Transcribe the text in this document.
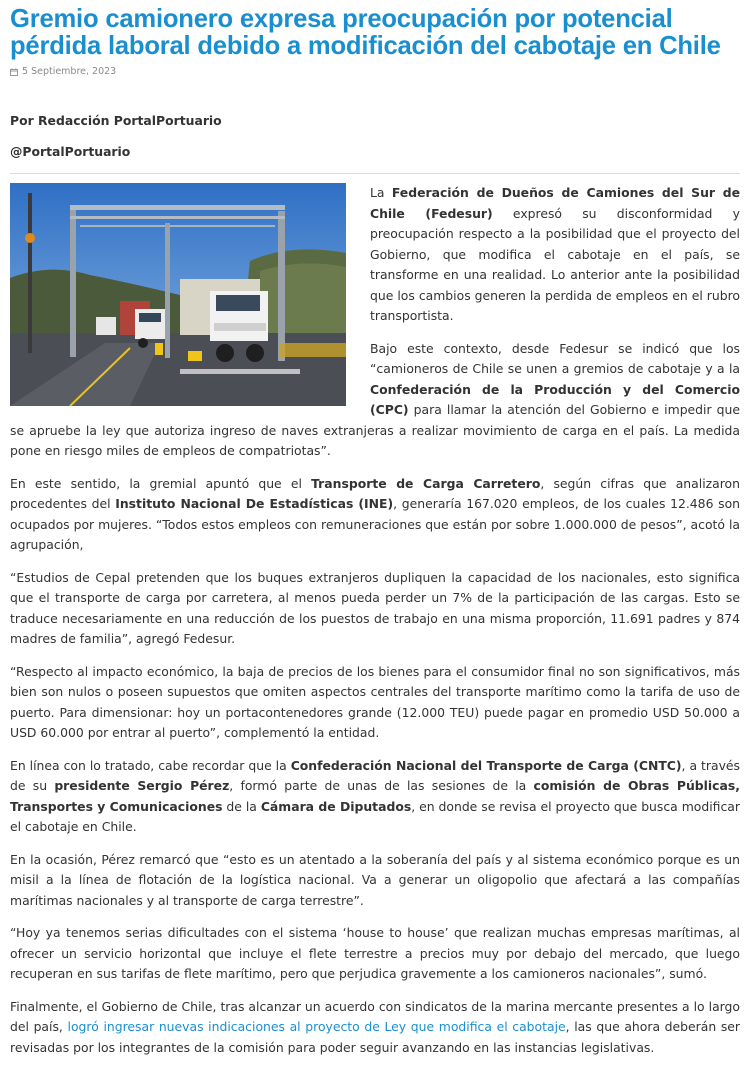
Gremio camionero expresa preocupación por potencial pérdida laboral debido a modificación del cabotaje en Chile
5 Septiembre, 2023
Por Redacción PortalPortuario
@PortalPortuario

La Federación de Dueños de Camiones del Sur de Chile (Fedesur) expresó su disconformidad y preocupación respecto a la posibilidad que el proyecto del Gobierno, que modifica el cabotaje en el país, se transforme en una realidad. Lo anterior ante la posibilidad que los cambios generen la perdida de empleos en el rubro transportista.

Bajo este contexto, desde Fedesur se indicó que los “camioneros de Chile se unen a gremios de cabotaje y a la Confederación de la Producción y del Comercio (CPC) para llamar la atención del Gobierno e impedir que se apruebe la ley que autoriza ingreso de naves extranjeras a realizar movimiento de carga en el país. La medida pone en riesgo miles de empleos de compatriotas”.

En este sentido, la gremial apuntó que el Transporte de Carga Carretero, según cifras que analizaron procedentes del Instituto Nacional De Estadísticas (INE), generaría 167.020 empleos, de los cuales 12.486 son ocupados por mujeres. “Todos estos empleos con remuneraciones que están por sobre 1.000.000 de pesos”, acotó la agrupación,

“Estudios de Cepal pretenden que los buques extranjeros dupliquen la capacidad de los nacionales, esto significa que el transporte de carga por carretera, al menos pueda perder un 7% de la participación de las cargas. Esto se traduce necesariamente en una reducción de los puestos de trabajo en una misma proporción, 11.691 padres y 874 madres de familia”, agregó Fedesur.

“Respecto al impacto económico, la baja de precios de los bienes para el consumidor final no son significativos, más bien son nulos o poseen supuestos que omiten aspectos centrales del transporte marítimo como la tarifa de uso de puerto. Para dimensionar: hoy un portacontenedores grande (12.000 TEU) puede pagar en promedio USD 50.000 a USD 60.000 por entrar al puerto”, complementó la entidad.

En línea con lo tratado, cabe recordar que la Confederación Nacional del Transporte de Carga (CNTC), a través de su presidente Sergio Pérez, formó parte de unas de las sesiones de la comisión de Obras Públicas, Transportes y Comunicaciones de la Cámara de Diputados, en donde se revisa el proyecto que busca modificar el cabotaje en Chile.

En la ocasión, Pérez remarcó que “esto es un atentado a la soberanía del país y al sistema económico porque es un misil a la línea de flotación de la logística nacional. Va a generar un oligopolio que afectará a las compañías marítimas nacionales y al transporte de carga terrestre”.

“Hoy ya tenemos serias dificultades con el sistema ‘house to house’ que realizan muchas empresas marítimas, al ofrecer un servicio horizontal que incluye el flete terrestre a precios muy por debajo del mercado, que luego recuperan en sus tarifas de flete marítimo, pero que perjudica gravemente a los camioneros nacionales”, sumó.

Finalmente, el Gobierno de Chile, tras alcanzar un acuerdo con sindicatos de la marina mercante presentes a lo largo del país, logró ingresar nuevas indicaciones al proyecto de Ley que modifica el cabotaje, las que ahora deberán ser revisadas por los integrantes de la comisión para poder seguir avanzando en las instancias legislativas.
